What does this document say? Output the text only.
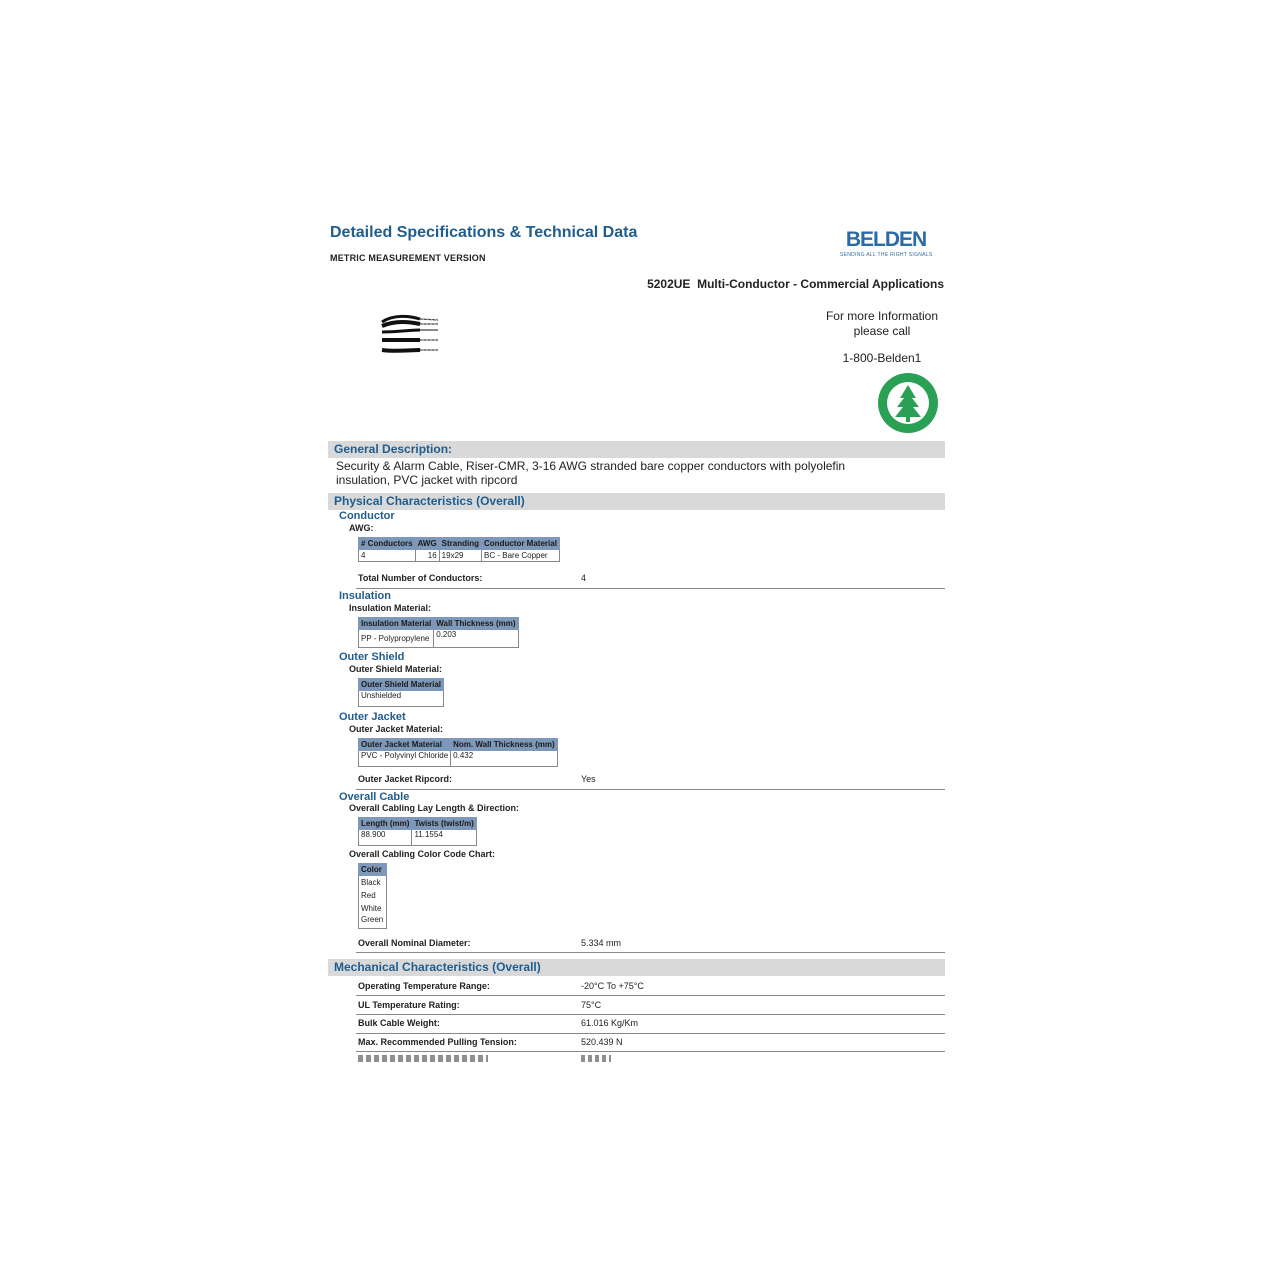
Detailed Specifications & Technical Data
METRIC MEASUREMENT VERSION
BELDEN
SENDING ALL THE RIGHT SIGNALS
5202UE  Multi-Conductor - Commercial Applications
For more Information
please call
1-800-Belden1
General Description:
Security & Alarm Cable, Riser-CMR, 3-16 AWG stranded bare copper conductors with polyolefin insulation, PVC jacket with ripcord
Physical Characteristics (Overall)
Conductor
AWG:
# Conductors	AWG	Stranding	Conductor Material
4	16	19x29	BC - Bare Copper
Total Number of Conductors:	4
Insulation
Insulation Material:
Insulation Material	Wall Thickness (mm)
PP - Polypropylene	0.203
Outer Shield
Outer Shield Material:
Outer Shield Material
Unshielded
Outer Jacket
Outer Jacket Material:
Outer Jacket Material	Nom. Wall Thickness (mm)
PVC - Polyvinyl Chloride	0.432
Outer Jacket Ripcord:	Yes
Overall Cable
Overall Cabling Lay Length & Direction:
Length (mm)	Twists (twist/m)
88.900	11.1554
Overall Cabling Color Code Chart:
Color
Black
Red
White
Green
Overall Nominal Diameter:	5.334 mm
Mechanical Characteristics (Overall)
Operating Temperature Range:	-20°C To +75°C
UL Temperature Rating:	75°C
Bulk Cable Weight:	61.016 Kg/Km
Max. Recommended Pulling Tension:	520.439 N
